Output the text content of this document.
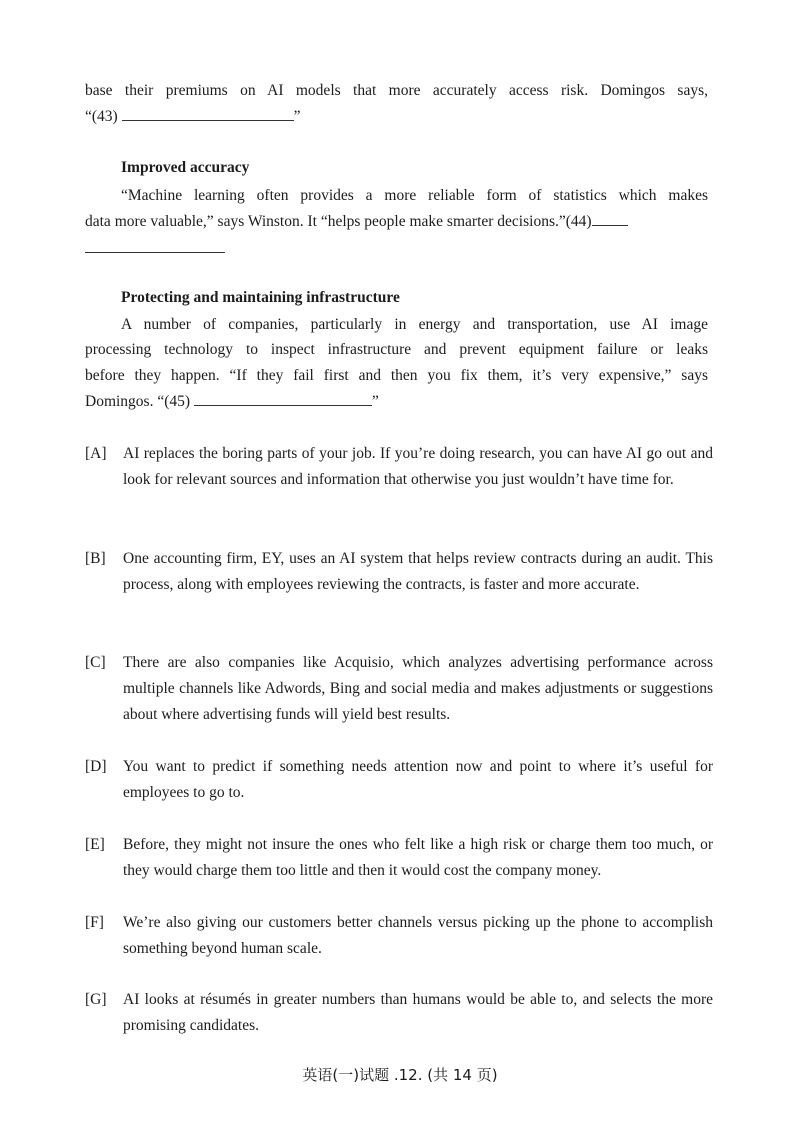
base their premiums on AI models that more accurately access risk. Domingos says,
“(43)	”
Improved accuracy
“Machine learning often provides a more reliable form of statistics which makes
data more valuable,” says Winston. It “helps people make smarter decisions.”(44)
Protecting and maintaining infrastructure
A number of companies, particularly in energy and transportation, use AI image
processing technology to inspect infrastructure and prevent equipment failure or leaks
before they happen. “If they fail first and then you fix them, it’s very expensive,” says
Domingos. “(45)	”
[A] AI replaces the boring parts of your job. If you’re doing research, you can have AI go out and look for relevant sources and information that otherwise you just wouldn’t have time for.
[B] One accounting firm, EY, uses an AI system that helps review contracts during an audit. This process, along with employees reviewing the contracts, is faster and more accurate.
[C] There are also companies like Acquisio, which analyzes advertising performance across multiple channels like Adwords, Bing and social media and makes adjustments or suggestions about where advertising funds will yield best results.
[D] You want to predict if something needs attention now and point to where it’s useful for employees to go to.
[E] Before, they might not insure the ones who felt like a high risk or charge them too much, or they would charge them too little and then it would cost the company money.
[F] We’re also giving our customers better channels versus picking up the phone to accomplish something beyond human scale.
[G] AI looks at résumés in greater numbers than humans would be able to, and selects the more promising candidates.
英语(一)试题 .12. (共 14 页)
